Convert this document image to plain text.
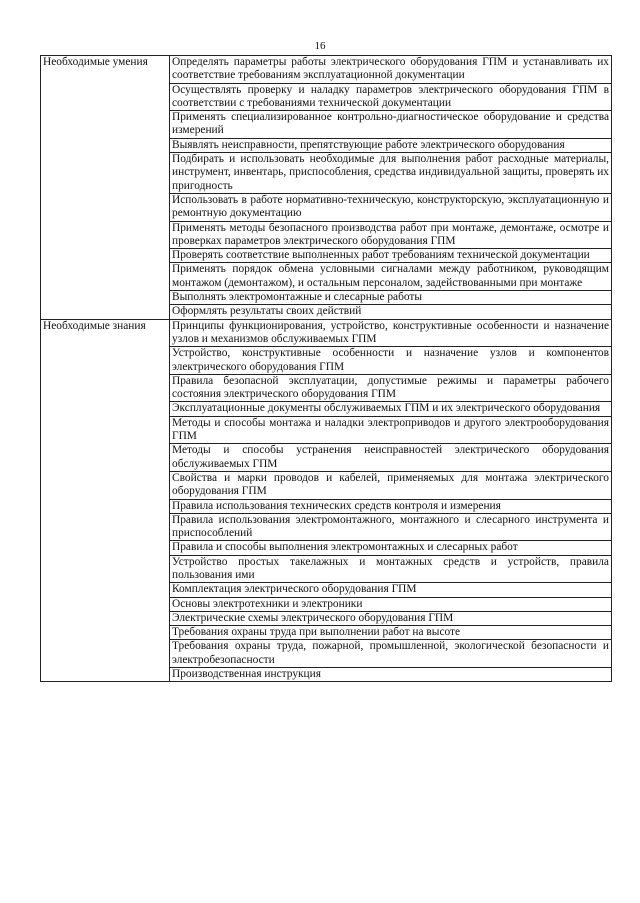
16
Необходимые умения	Определять параметры работы электрического оборудования ГПМ и устанавливать их соответствие требованиям эксплуатационной документации
	Осуществлять проверку и наладку параметров электрического оборудования ГПМ в соответствии с требованиями технической документации
	Применять специализированное контрольно-диагностическое оборудование и средства измерений
	Выявлять неисправности, препятствующие работе электрического оборудования
	Подбирать и использовать необходимые для выполнения работ расходные материалы, инструмент, инвентарь, приспособления, средства индивидуальной защиты, проверять их пригодность
	Использовать в работе нормативно-техническую, конструкторскую, эксплуатационную и ремонтную документацию
	Применять методы безопасного производства работ при монтаже, демонтаже, осмотре и проверках параметров электрического оборудования ГПМ
	Проверять соответствие выполненных работ требованиям технической документации
	Применять порядок обмена условными сигналами между работником, руководящим монтажом (демонтажом), и остальным персоналом, задействованными при монтаже
	Выполнять электромонтажные и слесарные работы
	Оформлять результаты своих действий
Необходимые знания	Принципы функционирования, устройство, конструктивные особенности и назначение узлов и механизмов обслуживаемых ГПМ
	Устройство, конструктивные особенности и назначение узлов и компонентов электрического оборудования ГПМ
	Правила безопасной эксплуатации, допустимые режимы и параметры рабочего состояния электрического оборудования ГПМ
	Эксплуатационные документы обслуживаемых ГПМ и их электрического оборудования
	Методы и способы монтажа и наладки электроприводов и другого электрооборудования ГПМ
	Методы и способы устранения неисправностей электрического оборудования обслуживаемых ГПМ
	Свойства и марки проводов и кабелей, применяемых для монтажа электрического оборудования ГПМ
	Правила использования технических средств контроля и измерения
	Правила использования электромонтажного, монтажного и слесарного инструмента и приспособлений
	Правила и способы выполнения электромонтажных и слесарных работ
	Устройство простых такелажных и монтажных средств и устройств, правила пользования ими
	Комплектация электрического оборудования ГПМ
	Основы электротехники и электроники
	Электрические схемы электрического оборудования ГПМ
	Требования охраны труда при выполнении работ на высоте
	Требования охраны труда, пожарной, промышленной, экологической безопасности и электробезопасности
	Производственная инструкция
